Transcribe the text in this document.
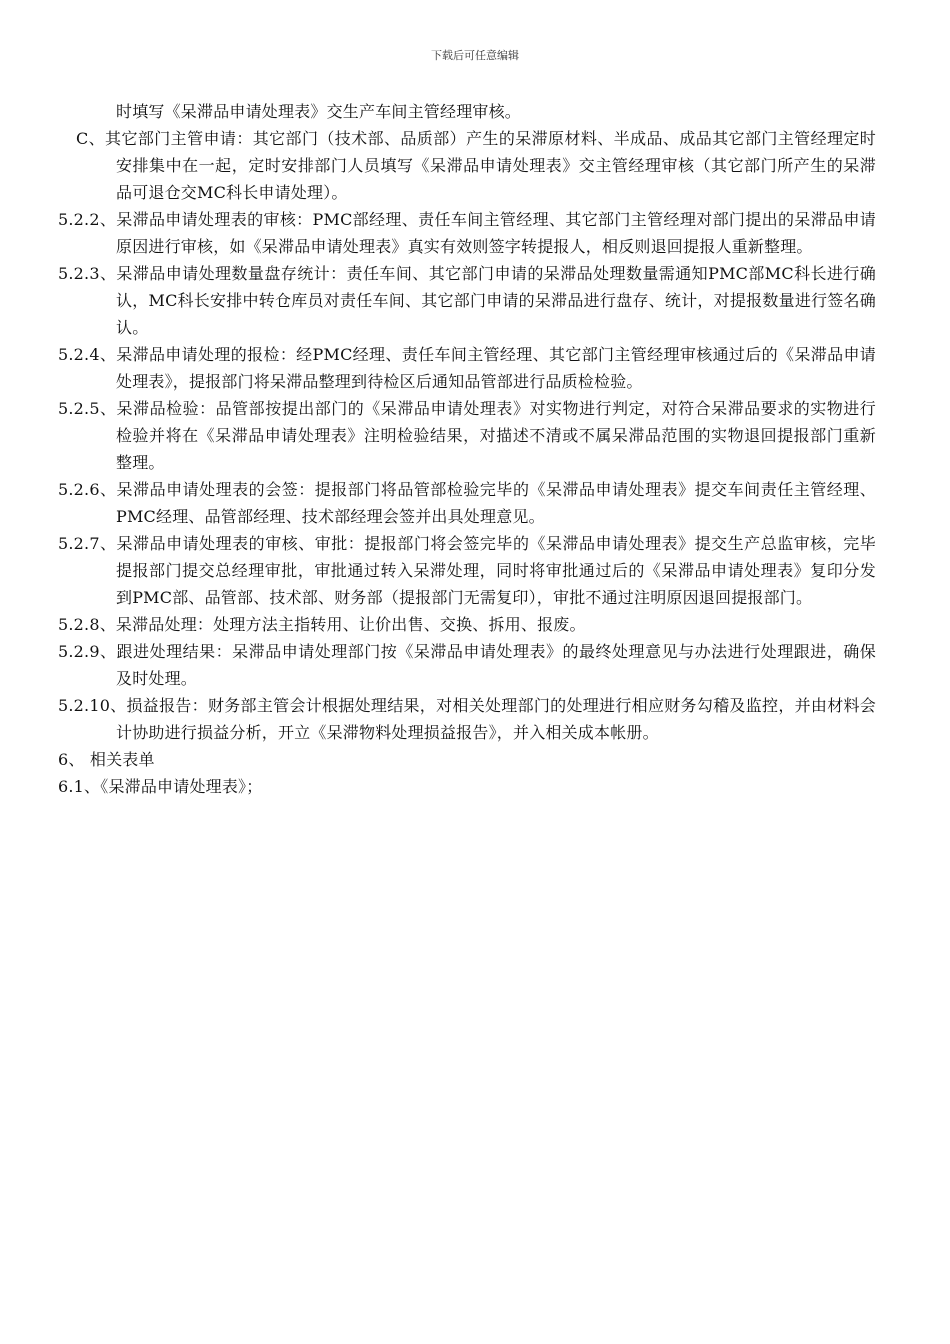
下载后可任意编辑

时填写《呆滞品申请处理表》交生产车间主管经理审核。

C、其它部门主管申请：其它部门（技术部、品质部）产生的呆滞原材料、半成品、成品其它部门主管经理定时安排集中在一起，定时安排部门人员填写《呆滞品申请处理表》交主管经理审核（其它部门所产生的呆滞品可退仓交MC科长申请处理）。

5.2.2、呆滞品申请处理表的审核：PMC部经理、责任车间主管经理、其它部门主管经理对部门提出的呆滞品申请原因进行审核，如《呆滞品申请处理表》真实有效则签字转提报人，相反则退回提报人重新整理。

5.2.3、呆滞品申请处理数量盘存统计：责任车间、其它部门申请的呆滞品处理数量需通知PMC部MC科长进行确认，MC科长安排中转仓库员对责任车间、其它部门申请的呆滞品进行盘存、统计，对提报数量进行签名确认。

5.2.4、呆滞品申请处理的报检：经PMC经理、责任车间主管经理、其它部门主管经理审核通过后的《呆滞品申请处理表》，提报部门将呆滞品整理到待检区后通知品管部进行品质检检验。

5.2.5、呆滞品检验：品管部按提出部门的《呆滞品申请处理表》对实物进行判定，对符合呆滞品要求的实物进行检验并将在《呆滞品申请处理表》注明检验结果，对描述不清或不属呆滞品范围的实物退回提报部门重新整理。

5.2.6、呆滞品申请处理表的会签：提报部门将品管部检验完毕的《呆滞品申请处理表》提交车间责任主管经理、PMC经理、品管部经理、技术部经理会签并出具处理意见。

5.2.7、呆滞品申请处理表的审核、审批：提报部门将会签完毕的《呆滞品申请处理表》提交生产总监审核，完毕提报部门提交总经理审批，审批通过转入呆滞处理，同时将审批通过后的《呆滞品申请处理表》复印分发到PMC部、品管部、技术部、财务部（提报部门无需复印），审批不通过注明原因退回提报部门。

5.2.8、呆滞品处理：处理方法主指转用、让价出售、交换、拆用、报废。

5.2.9、跟进处理结果：呆滞品申请处理部门按《呆滞品申请处理表》的最终处理意见与办法进行处理跟进，确保及时处理。

5.2.10、损益报告：财务部主管会计根据处理结果，对相关处理部门的处理进行相应财务勾稽及监控，并由材料会计协助进行损益分析，开立《呆滞物料处理损益报告》，并入相关成本帐册。

6、 相关表单

6.1、《呆滞品申请处理表》；
